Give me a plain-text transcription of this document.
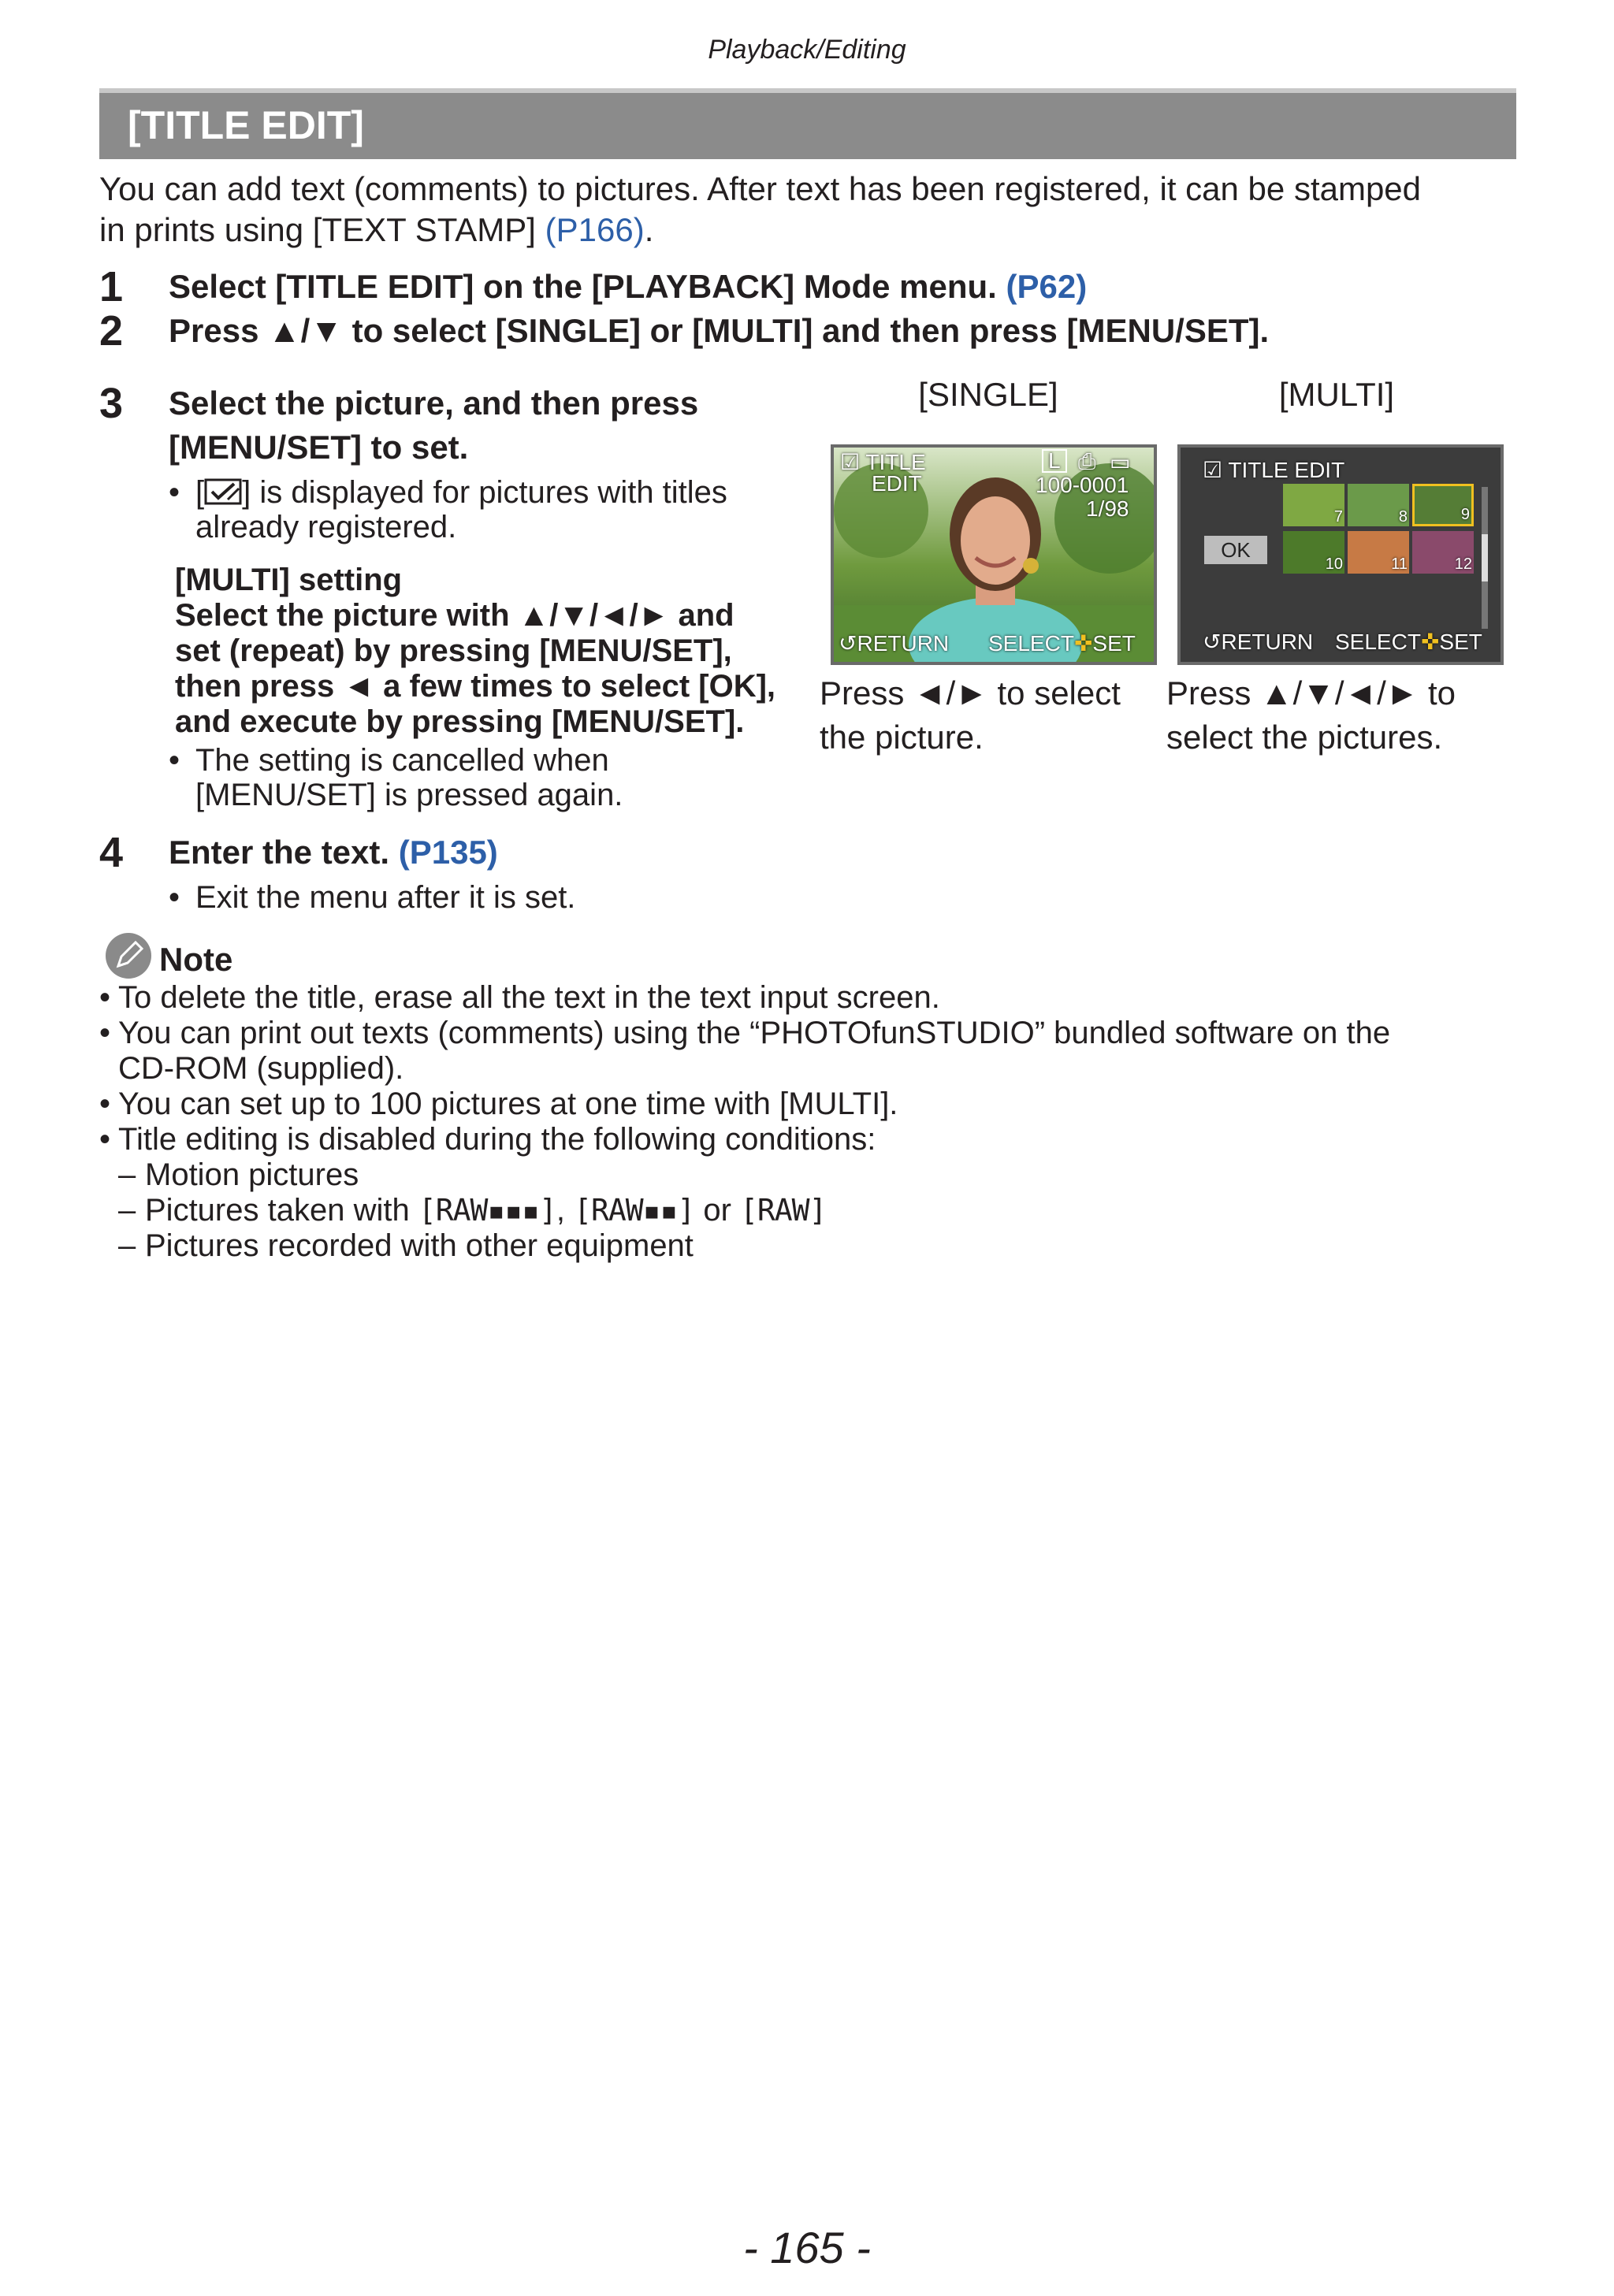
Playback/Editing
[TITLE EDIT]
You can add text (comments) to pictures. After text has been registered, it can be stamped
in prints using [TEXT STAMP] (P166).
1 Select [TITLE EDIT] on the [PLAYBACK] Mode menu. (P62)
2 Press ▲/▼ to select [SINGLE] or [MULTI] and then press [MENU/SET].
3 Select the picture, and then press
[MENU/SET] to set.
• [ ] is displayed for pictures with titles
already registered.
[MULTI] setting
Select the picture with ▲/▼/◄/► and
set (repeat) by pressing [MENU/SET],
then press ◄ a few times to select [OK],
and execute by pressing [MENU/SET].
• The setting is cancelled when
[MENU/SET] is pressed again.
[SINGLE]	[MULTI]
☑ TITLE
EDIT
L ⎙ ▭
100-0001
1/98
↺RETURN SELECT✜SET
☑ TITLE EDIT
OK
7	8	9
10	11	12
↺RETURN SELECT✜SET
Press ◄/► to select
the picture.
Press ▲/▼/◄/► to
select the pictures.
4 Enter the text. (P135)
• Exit the menu after it is set.
Note
• To delete the title, erase all the text in the text input screen.
• You can print out texts (comments) using the “PHOTOfunSTUDIO” bundled software on the
CD-ROM (supplied).
• You can set up to 100 pictures at one time with [MULTI].
• Title editing is disabled during the following conditions:
– Motion pictures
– Pictures taken with [RAW▪▪▪], [RAW▪▪] or [RAW]
– Pictures recorded with other equipment
- 165 -
